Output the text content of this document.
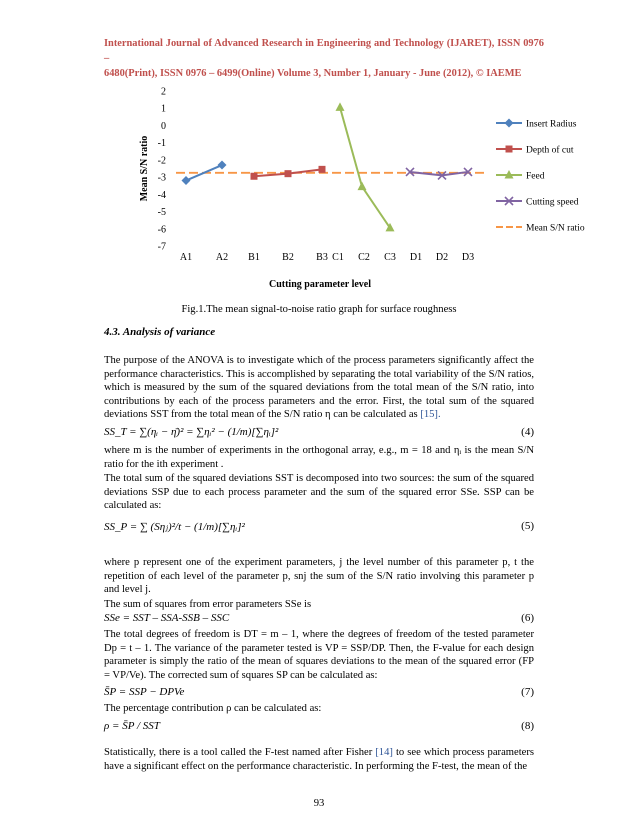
International Journal of Advanced Research in Engineering and Technology (IJARET), ISSN 0976 –
6480(Print), ISSN 0976 – 6499(Online) Volume 3, Number 1, January - June (2012), © IAEME
2
1
0
-1
-2
-3
-4
-5
-6
-7
Mean S/N ratio
A1 A2 B1 B2 B3 C1 C2 C3 D1 D2 D3
Cutting parameter level
Insert Radius
Depth of cut
Feed
Cutting speed
Mean S/N ratio
Fig.1.The mean signal-to-noise ratio graph for surface roughness
4.3. Analysis of variance
The purpose of the ANOVA is to investigate which of the process parameters significantly affect the performance characteristics. This is accomplished by separating the total variability of the S/N ratios, which is measured by the sum of the squared deviations from the total mean of the S/N ratio, into contributions by each of the process parameters and the error. First, the total sum of the squared deviations SST from the total mean of the S/N ratio η can be calculated as [15].
SS_T = ∑(ηᵢ − η̄)² = ∑ηᵢ² − (1/m)[∑ηᵢ]²	(4)
where m is the number of experiments in the orthogonal array, e.g., m = 18 and ηᵢ is the mean S/N ratio for the ith experiment .
The total sum of the squared deviations SST is decomposed into two sources: the sum of the squared deviations SSP due to each process parameter and the sum of the squared error SSe. SSP can be calculated as:
SS_P = ∑ (Sηⱼ)²/t − (1/m)[∑ηᵢ]²	(5)
where p represent one of the experiment parameters, j the level number of this parameter p, t the repetition of each level of the parameter p, snj the sum of the S/N ratio involving this parameter p and level j.
The sum of squares from error parameters SSe is
SSe = SST – SSA-SSB – SSC	(6)
The total degrees of freedom is DT = m – 1, where the degrees of freedom of the tested parameter Dp = t – 1. The variance of the parameter tested is VP = SSP/DP. Then, the F-value for each design parameter is simply the ratio of the mean of squares deviations to the mean of the squared error (FP = VP/Ve). The corrected sum of squares SP can be calculated as:
S̄P = SSP − DPVe	(7)
The percentage contribution ρ can be calculated as:
ρ = S̄P / SST	(8)
Statistically, there is a tool called the F-test named after Fisher [14] to see which process parameters have a significant effect on the performance characteristic. In performing the F-test, the mean of the
93
